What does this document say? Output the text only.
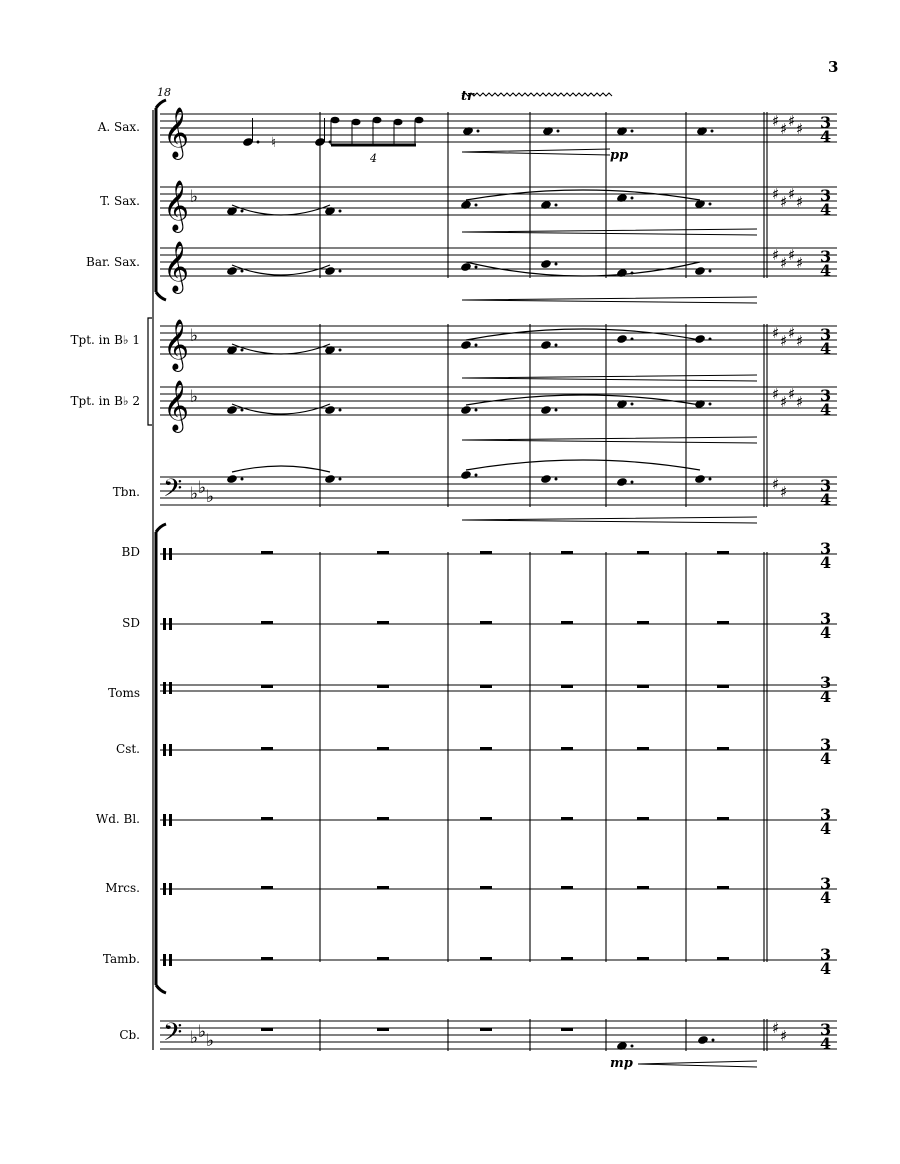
3
18
A. Sax.
T. Sax.
Bar. Sax.
Tpt. in B♭ 1
Tpt. in B♭ 2
Tbn.
BD
SD
Toms
Cst.
Wd. Bl.
Mrcs.
Tamb.
Cb.
pp
mp
4
tr
𝄞
𝄞
𝄞
𝄞
𝄞
𝄢
𝄢
♭
♭
♭
♭ ♭ ♭
♭ ♭ ♭
♯ ♯ ♯ ♯
♯ ♯ ♯ ♯
♯ ♯ ♯ ♯
♯ ♯ ♯ ♯
♯ ♯ ♯ ♯
♯ ♯
♯ ♯
3
4
3
4
3
4
3
4
3
4
3
4
3
4
3
4
3
4
3
4
3
4
3
4
3
4
3
4
♮
